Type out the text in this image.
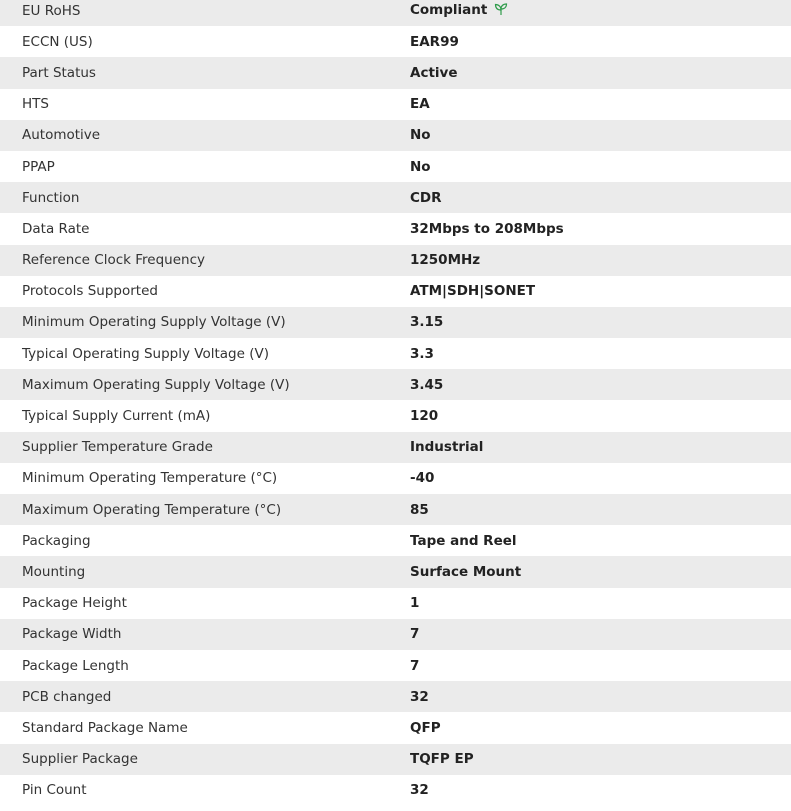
EU RoHS	Compliant
ECCN (US)	EAR99
Part Status	Active
HTS	EA
Automotive	No
PPAP	No
Function	CDR
Data Rate	32Mbps to 208Mbps
Reference Clock Frequency	1250MHz
Protocols Supported	ATM|SDH|SONET
Minimum Operating Supply Voltage (V)	3.15
Typical Operating Supply Voltage (V)	3.3
Maximum Operating Supply Voltage (V)	3.45
Typical Supply Current (mA)	120
Supplier Temperature Grade	Industrial
Minimum Operating Temperature (°C)	-40
Maximum Operating Temperature (°C)	85
Packaging	Tape and Reel
Mounting	Surface Mount
Package Height	1
Package Width	7
Package Length	7
PCB changed	32
Standard Package Name	QFP
Supplier Package	TQFP EP
Pin Count	32
